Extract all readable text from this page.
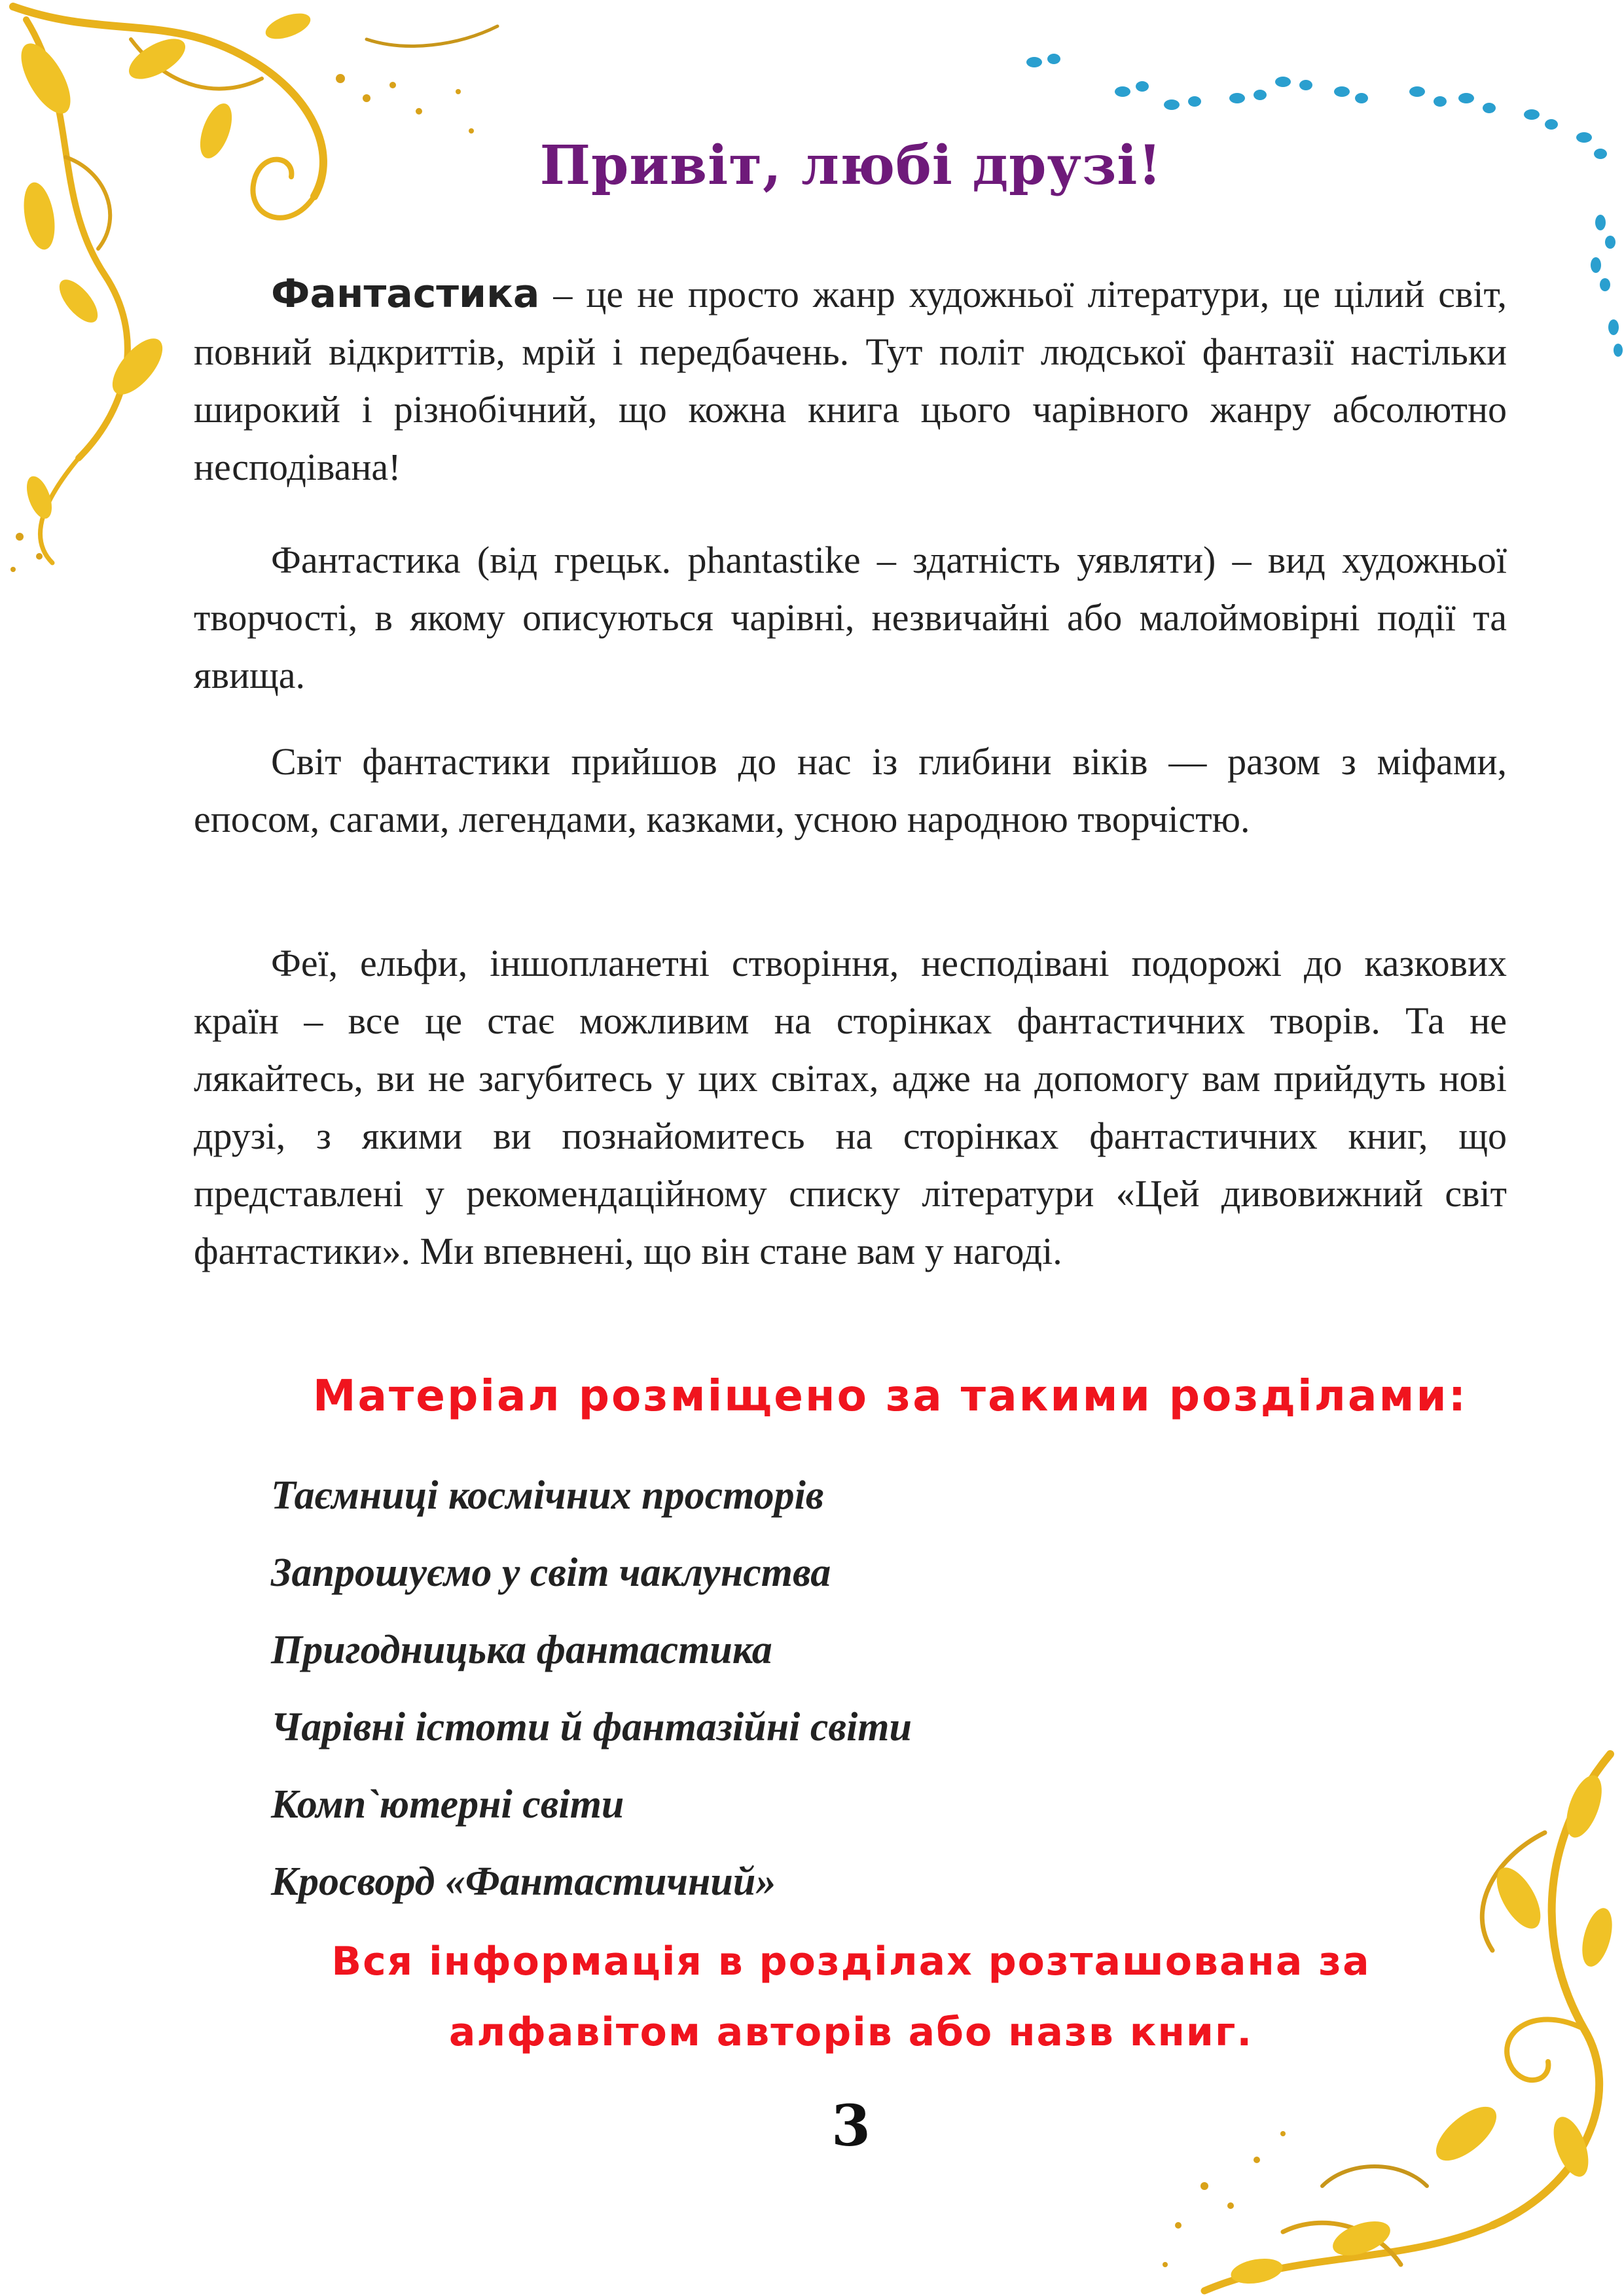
Привіт, любі друзі!

Фантастика – це не просто жанр художньої літератури, це цілий світ, повний відкриттів, мрій і передбачень. Тут політ людської фантазії настільки широкий і різнобічний, що кожна книга цього чарівного жанру абсолютно несподівана!

Фантастика (від грецьк. phantastike – здатність уявляти) – вид художньої творчості, в якому описуються чарівні, незвичайні або малоймовірні події та явища.

Світ фантастики прийшов до нас із глибини віків — разом з міфами, епосом, сагами, легендами, казками, усною народною творчістю.

Феї, ельфи, іншопланетні створіння, несподівані подорожі до казкових країн – все це стає можливим на сторінках фантастичних творів. Та не лякайтесь, ви не загубитесь у цих світах, адже на допомогу вам прийдуть нові друзі, з якими ви познайомитесь на сторінках фантастичних книг, що представлені у рекомендаційному списку літератури «Цей дивовижний світ фантастики». Ми впевнені, що він стане вам у нагоді.

Матеріал розміщено за такими розділами:
Таємниці космічних просторів
Запрошуємо у світ чаклунства
Пригодницька фантастика
Чарівні істоти й фантазійні світи
Комп`ютерні світи
Кросворд «Фантастичний»
Вся інформація в розділах розташована за
алфавітом авторів або назв книг.
3
